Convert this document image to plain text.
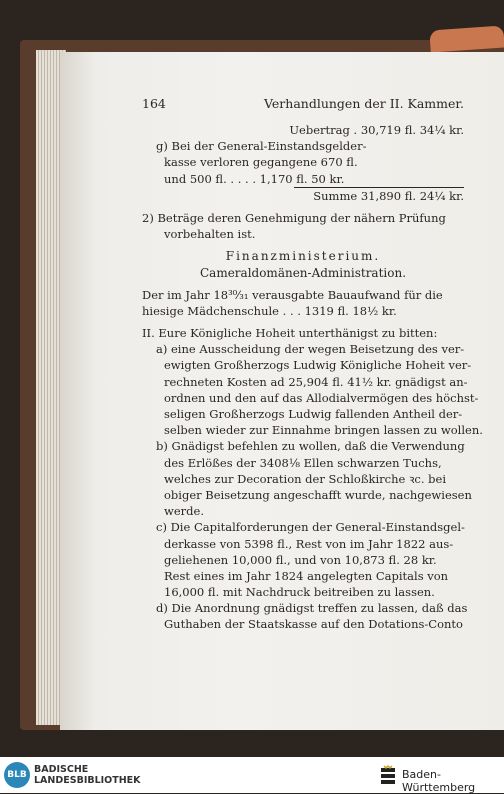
164	Verhandlungen der II. Kammer.
Uebertrag . 30,719 fl. 34¼ kr.
g) Bei der General-Einstandsgelder-
kasse verloren gegangene 670 fl.
und 500 fl. . . . . 1,170 fl. 50 kr.
Summe 31,890 fl. 24¼ kr.
2) Beträge deren Genehmigung der nähern Prüfung
vorbehalten ist.
Finanzministerium.
Cameraldomänen-Administration.
Der im Jahr 18³⁰⁄₃₁ verausgabte Bauaufwand für die
hiesige Mädchenschule . . . 1319 fl. 18½ kr.
II. Eure Königliche Hoheit unterthänigst zu bitten:
a) eine Ausscheidung der wegen Beisetzung des ver-
ewigten Großherzogs Ludwig Königliche Hoheit ver-
rechneten Kosten ad 25,904 fl. 41½ kr. gnädigst an-
ordnen und den auf das Allodialvermögen des höchst-
seligen Großherzogs Ludwig fallenden Antheil der-
selben wieder zur Einnahme bringen lassen zu wollen.
b) Gnädigst befehlen zu wollen, daß die Verwendung
des Erlößes der 3408⅛ Ellen schwarzen Tuchs,
welches zur Decoration der Schloßkirche ꝛc. bei
obiger Beisetzung angeschafft wurde, nachgewiesen
werde.
c) Die Capitalforderungen der General-Einstandsgel-
derkasse von 5398 fl., Rest von im Jahr 1822 aus-
geliehenen 10,000 fl., und von 10,873 fl. 28 kr.
Rest eines im Jahr 1824 angelegten Capitals von
16,000 fl. mit Nachdruck beitreiben zu lassen.
d) Die Anordnung gnädigst treffen zu lassen, daß das
Guthaben der Staatskasse auf den Dotations-Conto
BLB BADISCHE
LANDESBIBLIOTHEK	Baden-Württemberg
